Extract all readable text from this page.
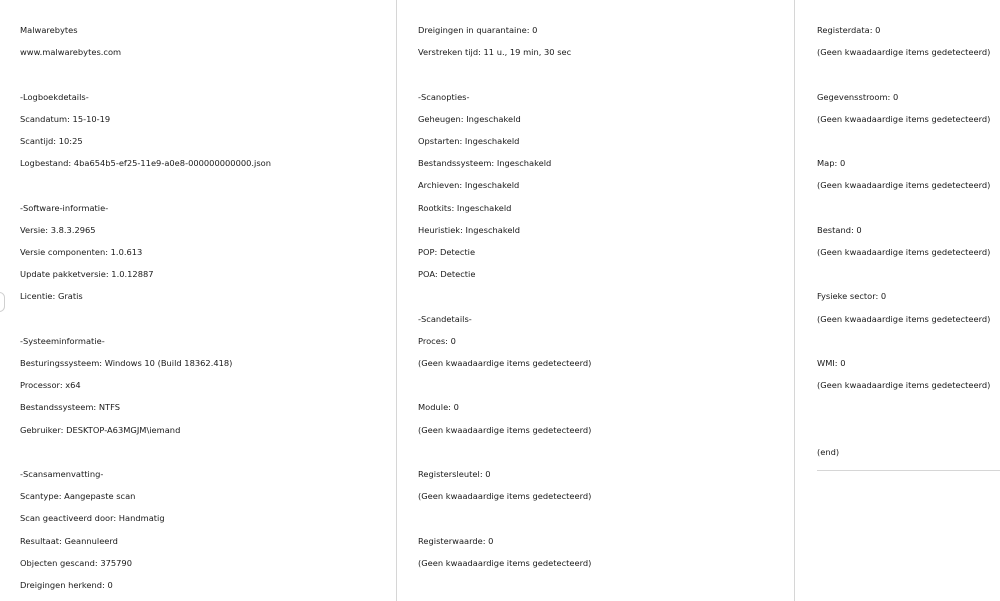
Malwarebytes
www.malwarebytes.com
-Logboekdetails-
Scandatum: 15-10-19
Scantijd: 10:25
Logbestand: 4ba654b5-ef25-11e9-a0e8-000000000000.json
-Software-informatie-
Versie: 3.8.3.2965
Versie componenten: 1.0.613
Update pakketversie: 1.0.12887
Licentie: Gratis
-Systeeminformatie-
Besturingssysteem: Windows 10 (Build 18362.418)
Processor: x64
Bestandssysteem: NTFS
Gebruiker: DESKTOP-A63MGJM\iemand
-Scansamenvatting-
Scantype: Aangepaste scan
Scan geactiveerd door: Handmatig
Resultaat: Geannuleerd
Objecten gescand: 375790
Dreigingen herkend: 0
Dreigingen in quarantaine: 0
Verstreken tijd: 11 u., 19 min, 30 sec
-Scanopties-
Geheugen: Ingeschakeld
Opstarten: Ingeschakeld
Bestandssysteem: Ingeschakeld
Archieven: Ingeschakeld
Rootkits: Ingeschakeld
Heuristiek: Ingeschakeld
POP: Detectie
POA: Detectie
-Scandetails-
Proces: 0
(Geen kwaadaardige items gedetecteerd)
Module: 0
(Geen kwaadaardige items gedetecteerd)
Registersleutel: 0
(Geen kwaadaardige items gedetecteerd)
Registerwaarde: 0
(Geen kwaadaardige items gedetecteerd)
Registerdata: 0
(Geen kwaadaardige items gedetecteerd)
Gegevensstroom: 0
(Geen kwaadaardige items gedetecteerd)
Map: 0
(Geen kwaadaardige items gedetecteerd)
Bestand: 0
(Geen kwaadaardige items gedetecteerd)
Fysieke sector: 0
(Geen kwaadaardige items gedetecteerd)
WMI: 0
(Geen kwaadaardige items gedetecteerd)
(end)
